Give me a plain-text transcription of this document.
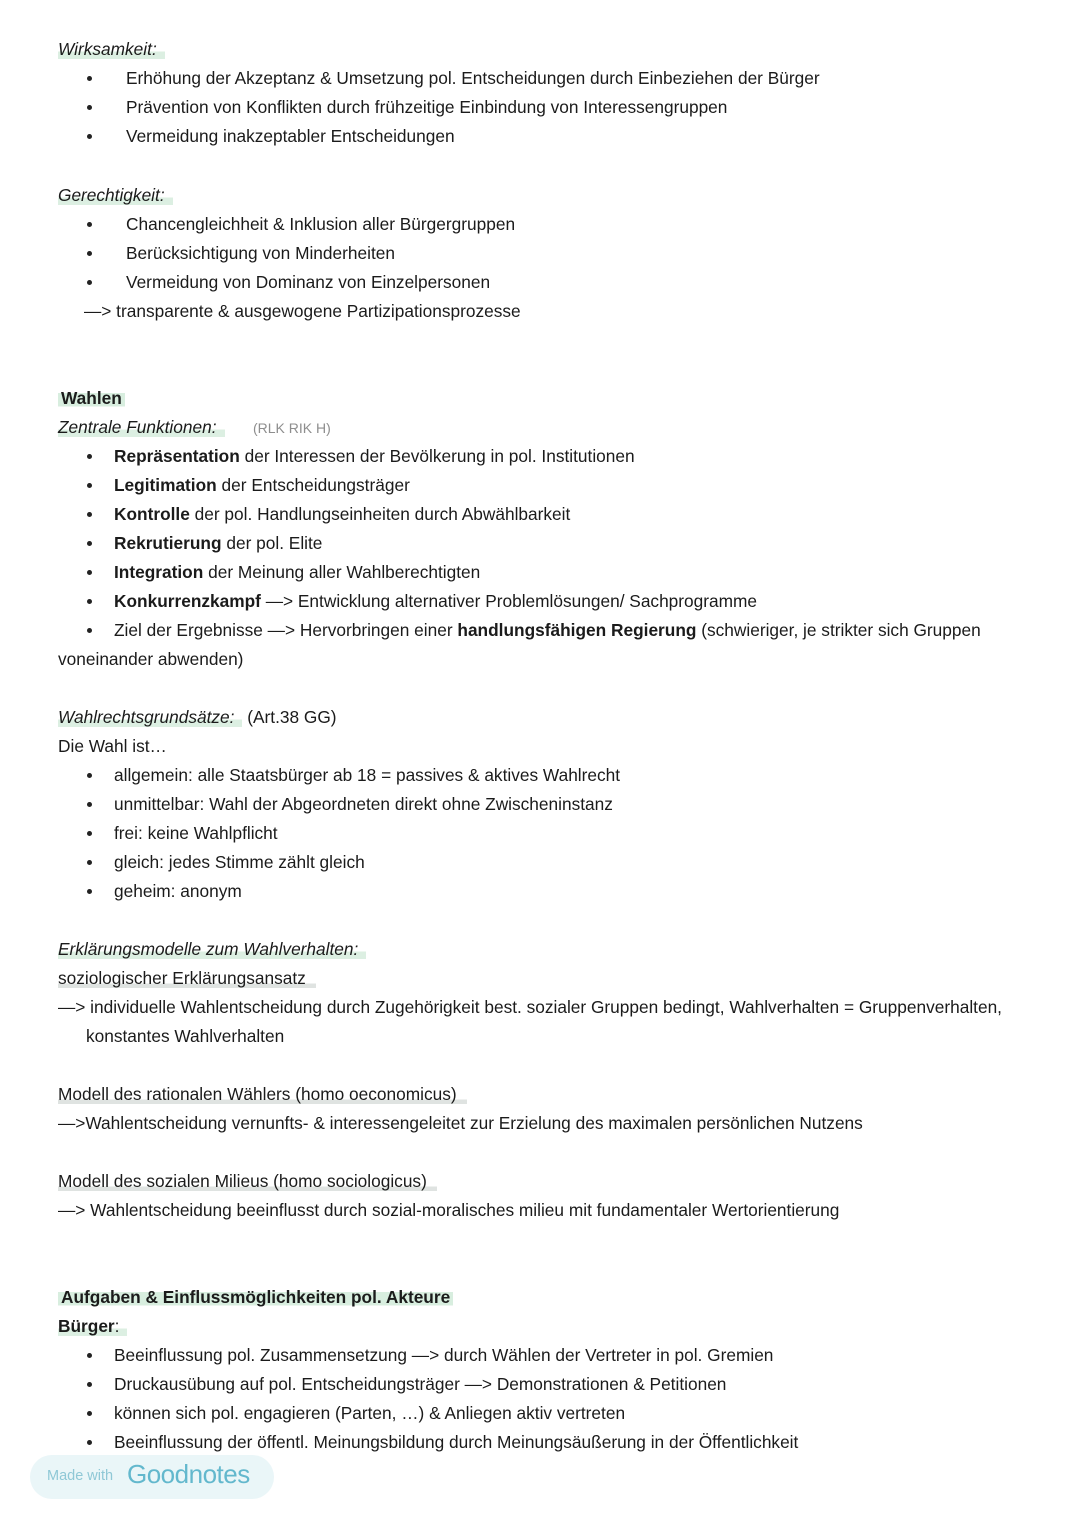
Wirksamkeit:
Erhöhung der Akzeptanz & Umsetzung pol. Entscheidungen durch Einbeziehen der Bürger
Prävention von Konflikten durch frühzeitige Einbindung von Interessengruppen
Vermeidung inakzeptabler Entscheidungen
Gerechtigkeit:
Chancengleichheit & Inklusion aller Bürgergruppen
Berücksichtigung von Minderheiten
Vermeidung von Dominanz von Einzelpersonen
—> transparente & ausgewogene Partizipationsprozesse
Wahlen
Zentrale Funktionen:	(RLK RIK H)
Repräsentation der Interessen der Bevölkerung in pol. Institutionen
Legitimation der Entscheidungsträger
Kontrolle der pol. Handlungseinheiten durch Abwählbarkeit
Rekrutierung der pol. Elite
Integration der Meinung aller Wahlberechtigten
Konkurrenzkampf —> Entwicklung alternativer Problemlösungen/ Sachprogramme
Ziel der Ergebnisse —> Hervorbringen einer handlungsfähigen Regierung (schwieriger, je strikter sich Gruppen
voneinander abwenden)
Wahlrechtsgrundsätze: (Art.38 GG)
Die Wahl ist…
allgemein: alle Staatsbürger ab 18 = passives & aktives Wahlrecht
unmittelbar: Wahl der Abgeordneten direkt ohne Zwischeninstanz
frei: keine Wahlpflicht
gleich: jedes Stimme zählt gleich
geheim: anonym
Erklärungsmodelle zum Wahlverhalten:
soziologischer Erklärungsansatz
—> individuelle Wahlentscheidung durch Zugehörigkeit best. sozialer Gruppen bedingt, Wahlverhalten = Gruppenverhalten,
konstantes Wahlverhalten
Modell des rationalen Wählers (homo oeconomicus)
—>Wahlentscheidung vernunfts- & interessengeleitet zur Erzielung des maximalen persönlichen Nutzens
Modell des sozialen Milieus (homo sociologicus)
—> Wahlentscheidung beeinflusst durch sozial-moralisches milieu mit fundamentaler Wertorientierung
Aufgaben & Einflussmöglichkeiten pol. Akteure
Bürger:
Beeinflussung pol. Zusammensetzung —> durch Wählen der Vertreter in pol. Gremien
Druckausübung auf pol. Entscheidungsträger —> Demonstrationen & Petitionen
können sich pol. engagieren (Parten, …) & Anliegen aktiv vertreten
Beeinflussung der öffentl. Meinungsbildung durch Meinungsäußerung in der Öffentlichkeit
Made with Goodnotes
